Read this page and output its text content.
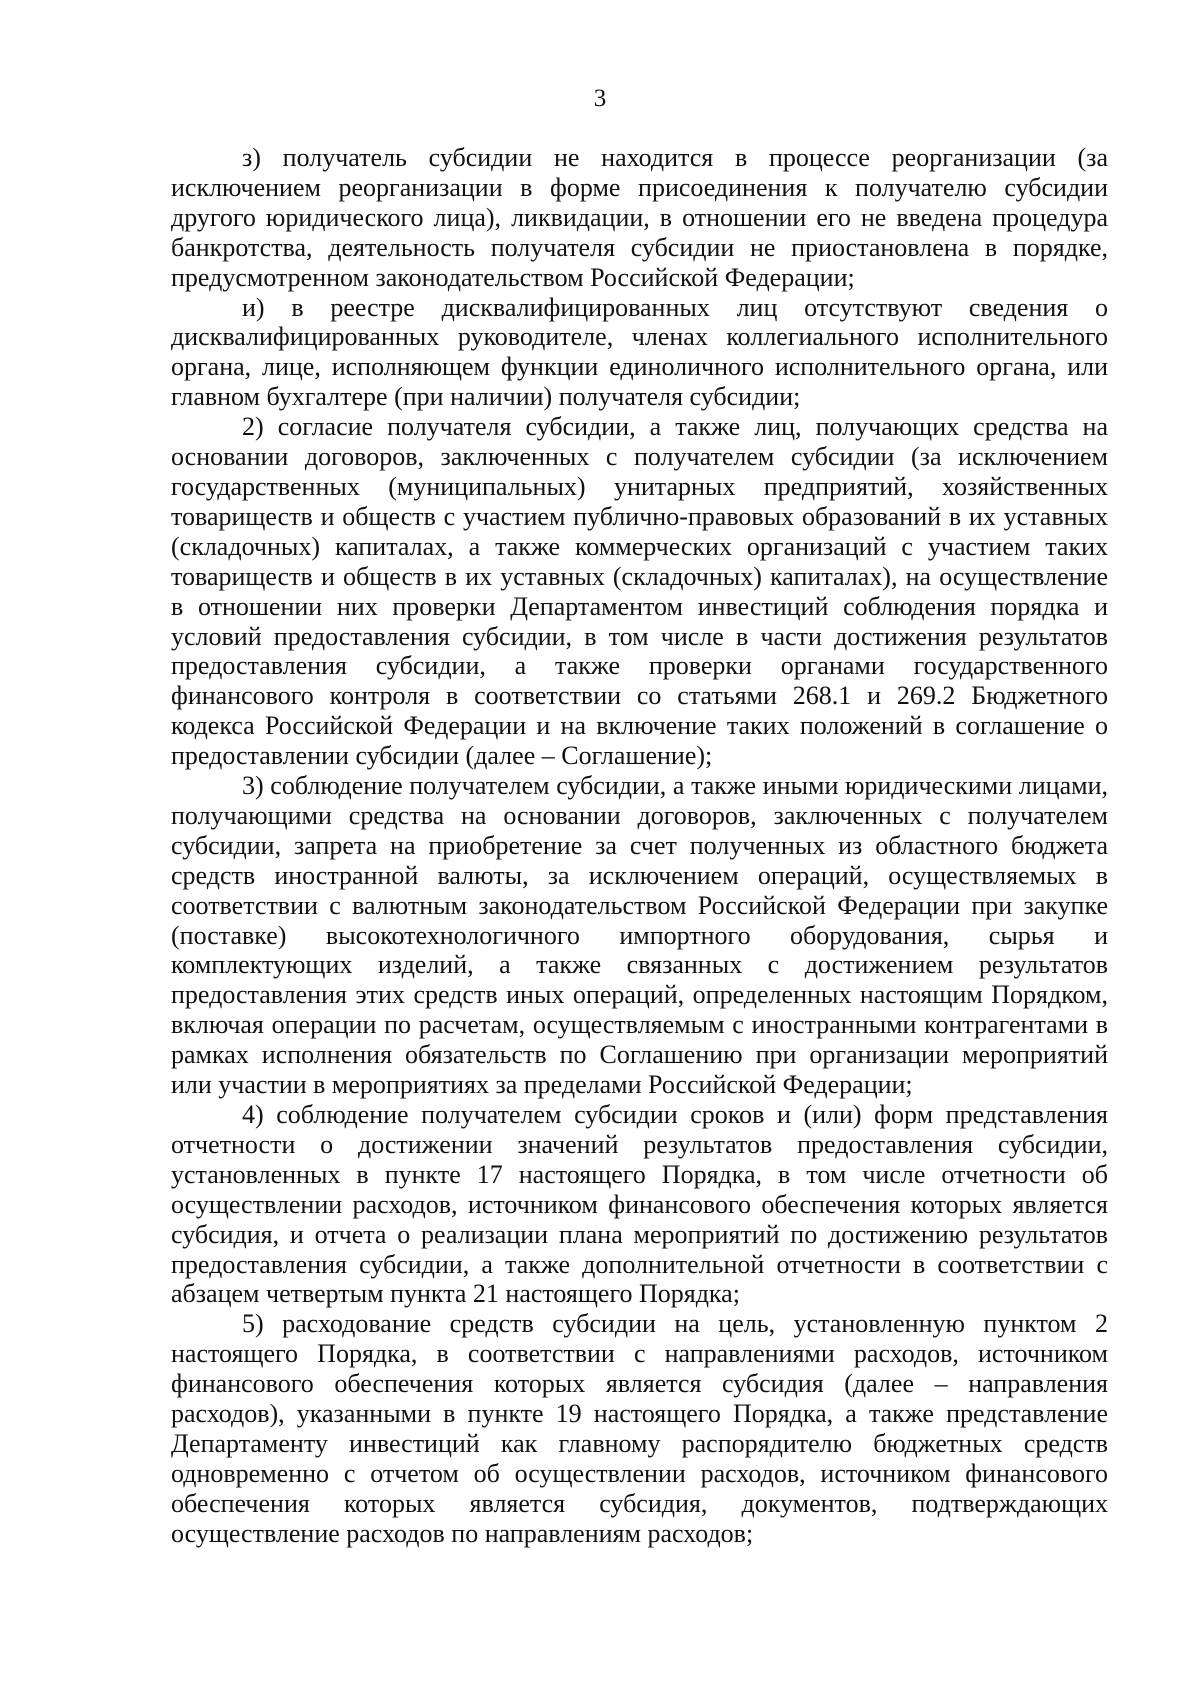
3

з) получатель субсидии не находится в процессе реорганизации (за исключением реорганизации в форме присоединения к получателю субсидии другого юридического лица), ликвидации, в отношении его не введена процедура банкротства, деятельность получателя субсидии не приостановлена в порядке, предусмотренном законодательством Российской Федерации;

и) в реестре дисквалифицированных лиц отсутствуют сведения о дисквалифицированных руководителе, членах коллегиального исполнительного органа, лице, исполняющем функции единоличного исполнительного органа, или главном бухгалтере (при наличии) получателя субсидии;

2) согласие получателя субсидии, а также лиц, получающих средства на основании договоров, заключенных с получателем субсидии (за исключением государственных (муниципальных) унитарных предприятий, хозяйственных товариществ и обществ с участием публично-правовых образований в их уставных (складочных) капиталах, а также коммерческих организаций с участием таких товариществ и обществ в их уставных (складочных) капиталах), на осуществление в отношении них проверки Департаментом инвестиций соблюдения порядка и условий предоставления субсидии, в том числе в части достижения результатов предоставления субсидии, а также проверки органами государственного финансового контроля в соответствии со статьями 268.1 и 269.2 Бюджетного кодекса Российской Федерации и на включение таких положений в соглашение о предоставлении субсидии (далее – Соглашение);

3) соблюдение получателем субсидии, а также иными юридическими лицами, получающими средства на основании договоров, заключенных с получателем субсидии, запрета на приобретение за счет полученных из областного бюджета средств иностранной валюты, за исключением операций, осуществляемых в соответствии с валютным законодательством Российской Федерации при закупке (поставке) высокотехнологичного импортного оборудования, сырья и комплектующих изделий, а также связанных с достижением результатов предоставления этих средств иных операций, определенных настоящим Порядком, включая операции по расчетам, осуществляемым с иностранными контрагентами в рамках исполнения обязательств по Соглашению при организации мероприятий или участии в мероприятиях за пределами Российской Федерации;

4) соблюдение получателем субсидии сроков и (или) форм представления отчетности о достижении значений результатов предоставления субсидии, установленных в пункте 17 настоящего Порядка, в том числе отчетности об осуществлении расходов, источником финансового обеспечения которых является субсидия, и отчета о реализации плана мероприятий по достижению результатов предоставления субсидии, а также дополнительной отчетности в соответствии с абзацем четвертым пункта 21 настоящего Порядка;

5) расходование средств субсидии на цель, установленную пунктом 2 настоящего Порядка, в соответствии с направлениями расходов, источником финансового обеспечения которых является субсидия (далее – направления расходов), указанными в пункте 19 настоящего Порядка, а также представление Департаменту инвестиций как главному распорядителю бюджетных средств одновременно с отчетом об осуществлении расходов, источником финансового обеспечения которых является субсидия, документов, подтверждающих осуществление расходов по направлениям расходов;
